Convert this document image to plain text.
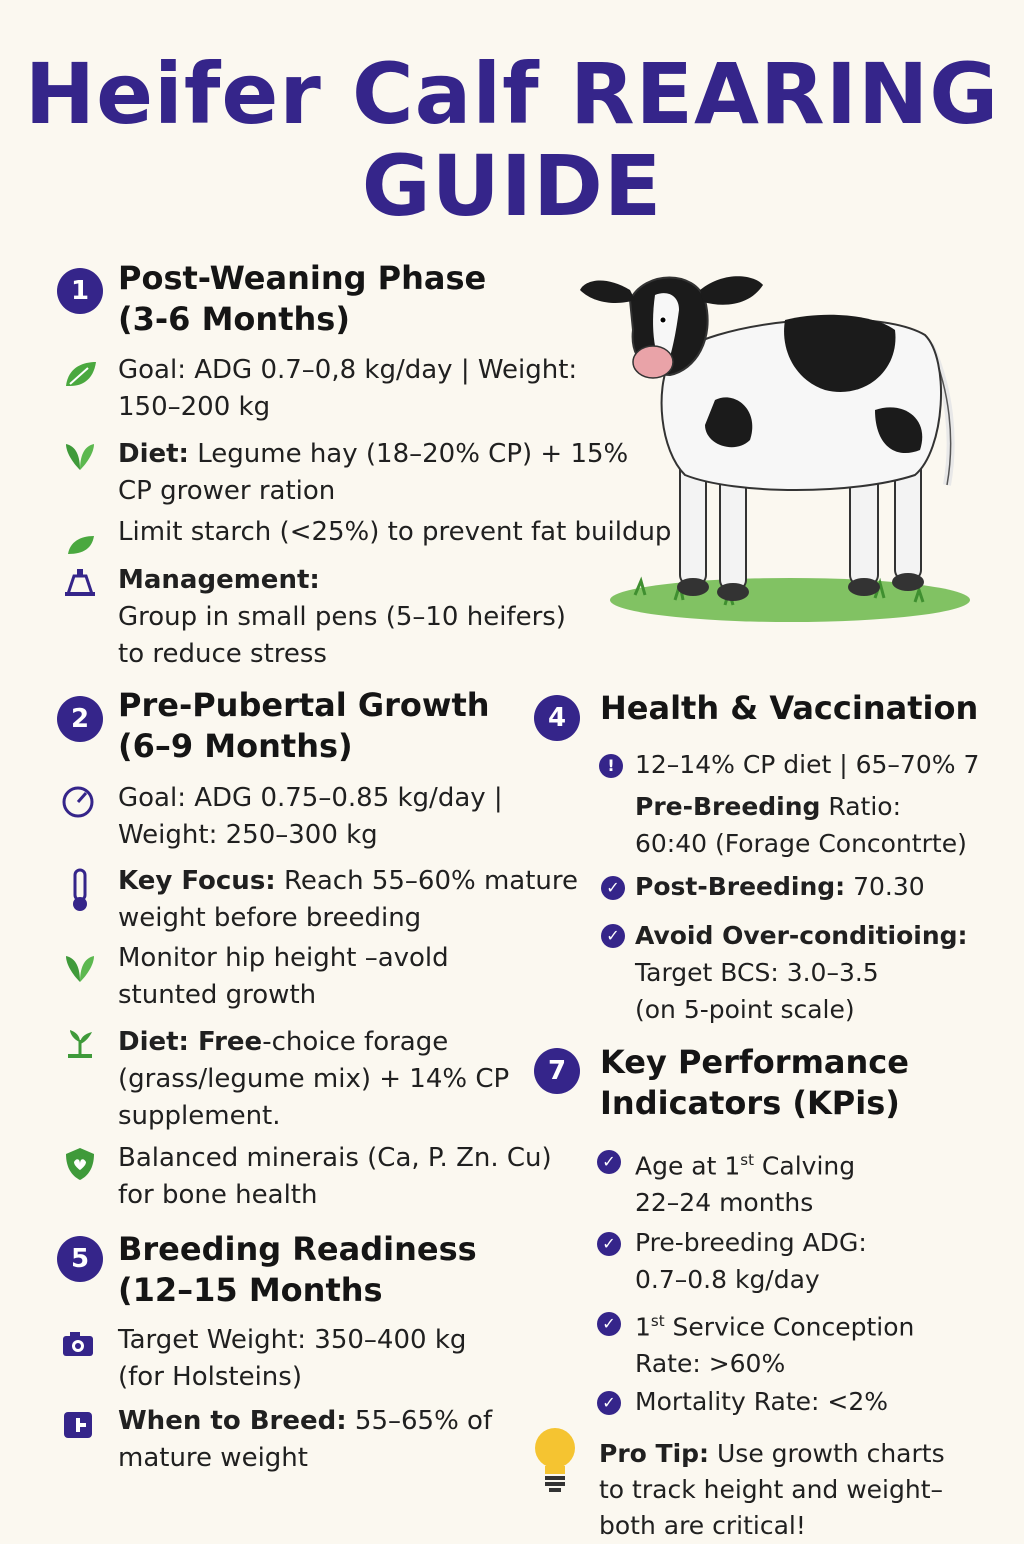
Heifer Calf REARING
GUIDE
1 Post-Weaning Phase
(3-6 Months)
Goal: ADG 0.7–0,8 kg/day | Weight:
150–200 kg
Diet: Legume hay (18–20% CP) + 15%
CP grower ration
Limit starch (<25%) to prevent fat buildup
Management:
Group in small pens (5–10 heifers)
to reduce stress
2 Pre-Pubertal Growth
(6–9 Months)
Goal: ADG 0.75–0.85 kg/day |
Weight: 250–300 kg
Key Focus: Reach 55–60% mature
weight before breeding
Monitor hip height –avold
stunted growth
Diet: Free-choice forage
(grass/legume mix) + 14% CP
supplement.
Balanced minerais (Ca, P. Zn. Cu)
for bone health
5 Breeding Readiness
(12–15 Months
Target Weight: 350–400 kg
(for Holsteins)
When to Breed: 55–65% of
mature weight
4	Health & Vaccination
! 12–14% CP diet | 65–70% 7
Pre-Breeding Ratio:
60:40 (Forage Concontrte)
✓ Post-Breeding: 70.30
✓ Avoid Over-conditioing:
Target BCS: 3.0–3.5
(on 5-point scale)
7	Key Performance
Indicators (KPis)
✓ Age at 1st Calving
22–24 months
✓ Pre-breeding ADG:
0.7–0.8 kg/day
✓ 1st Service Conception
Rate: >60%
✓ Mortality Rate: <2%
Pro Tip: Use growth charts
to track height and weight–
both are critical!
